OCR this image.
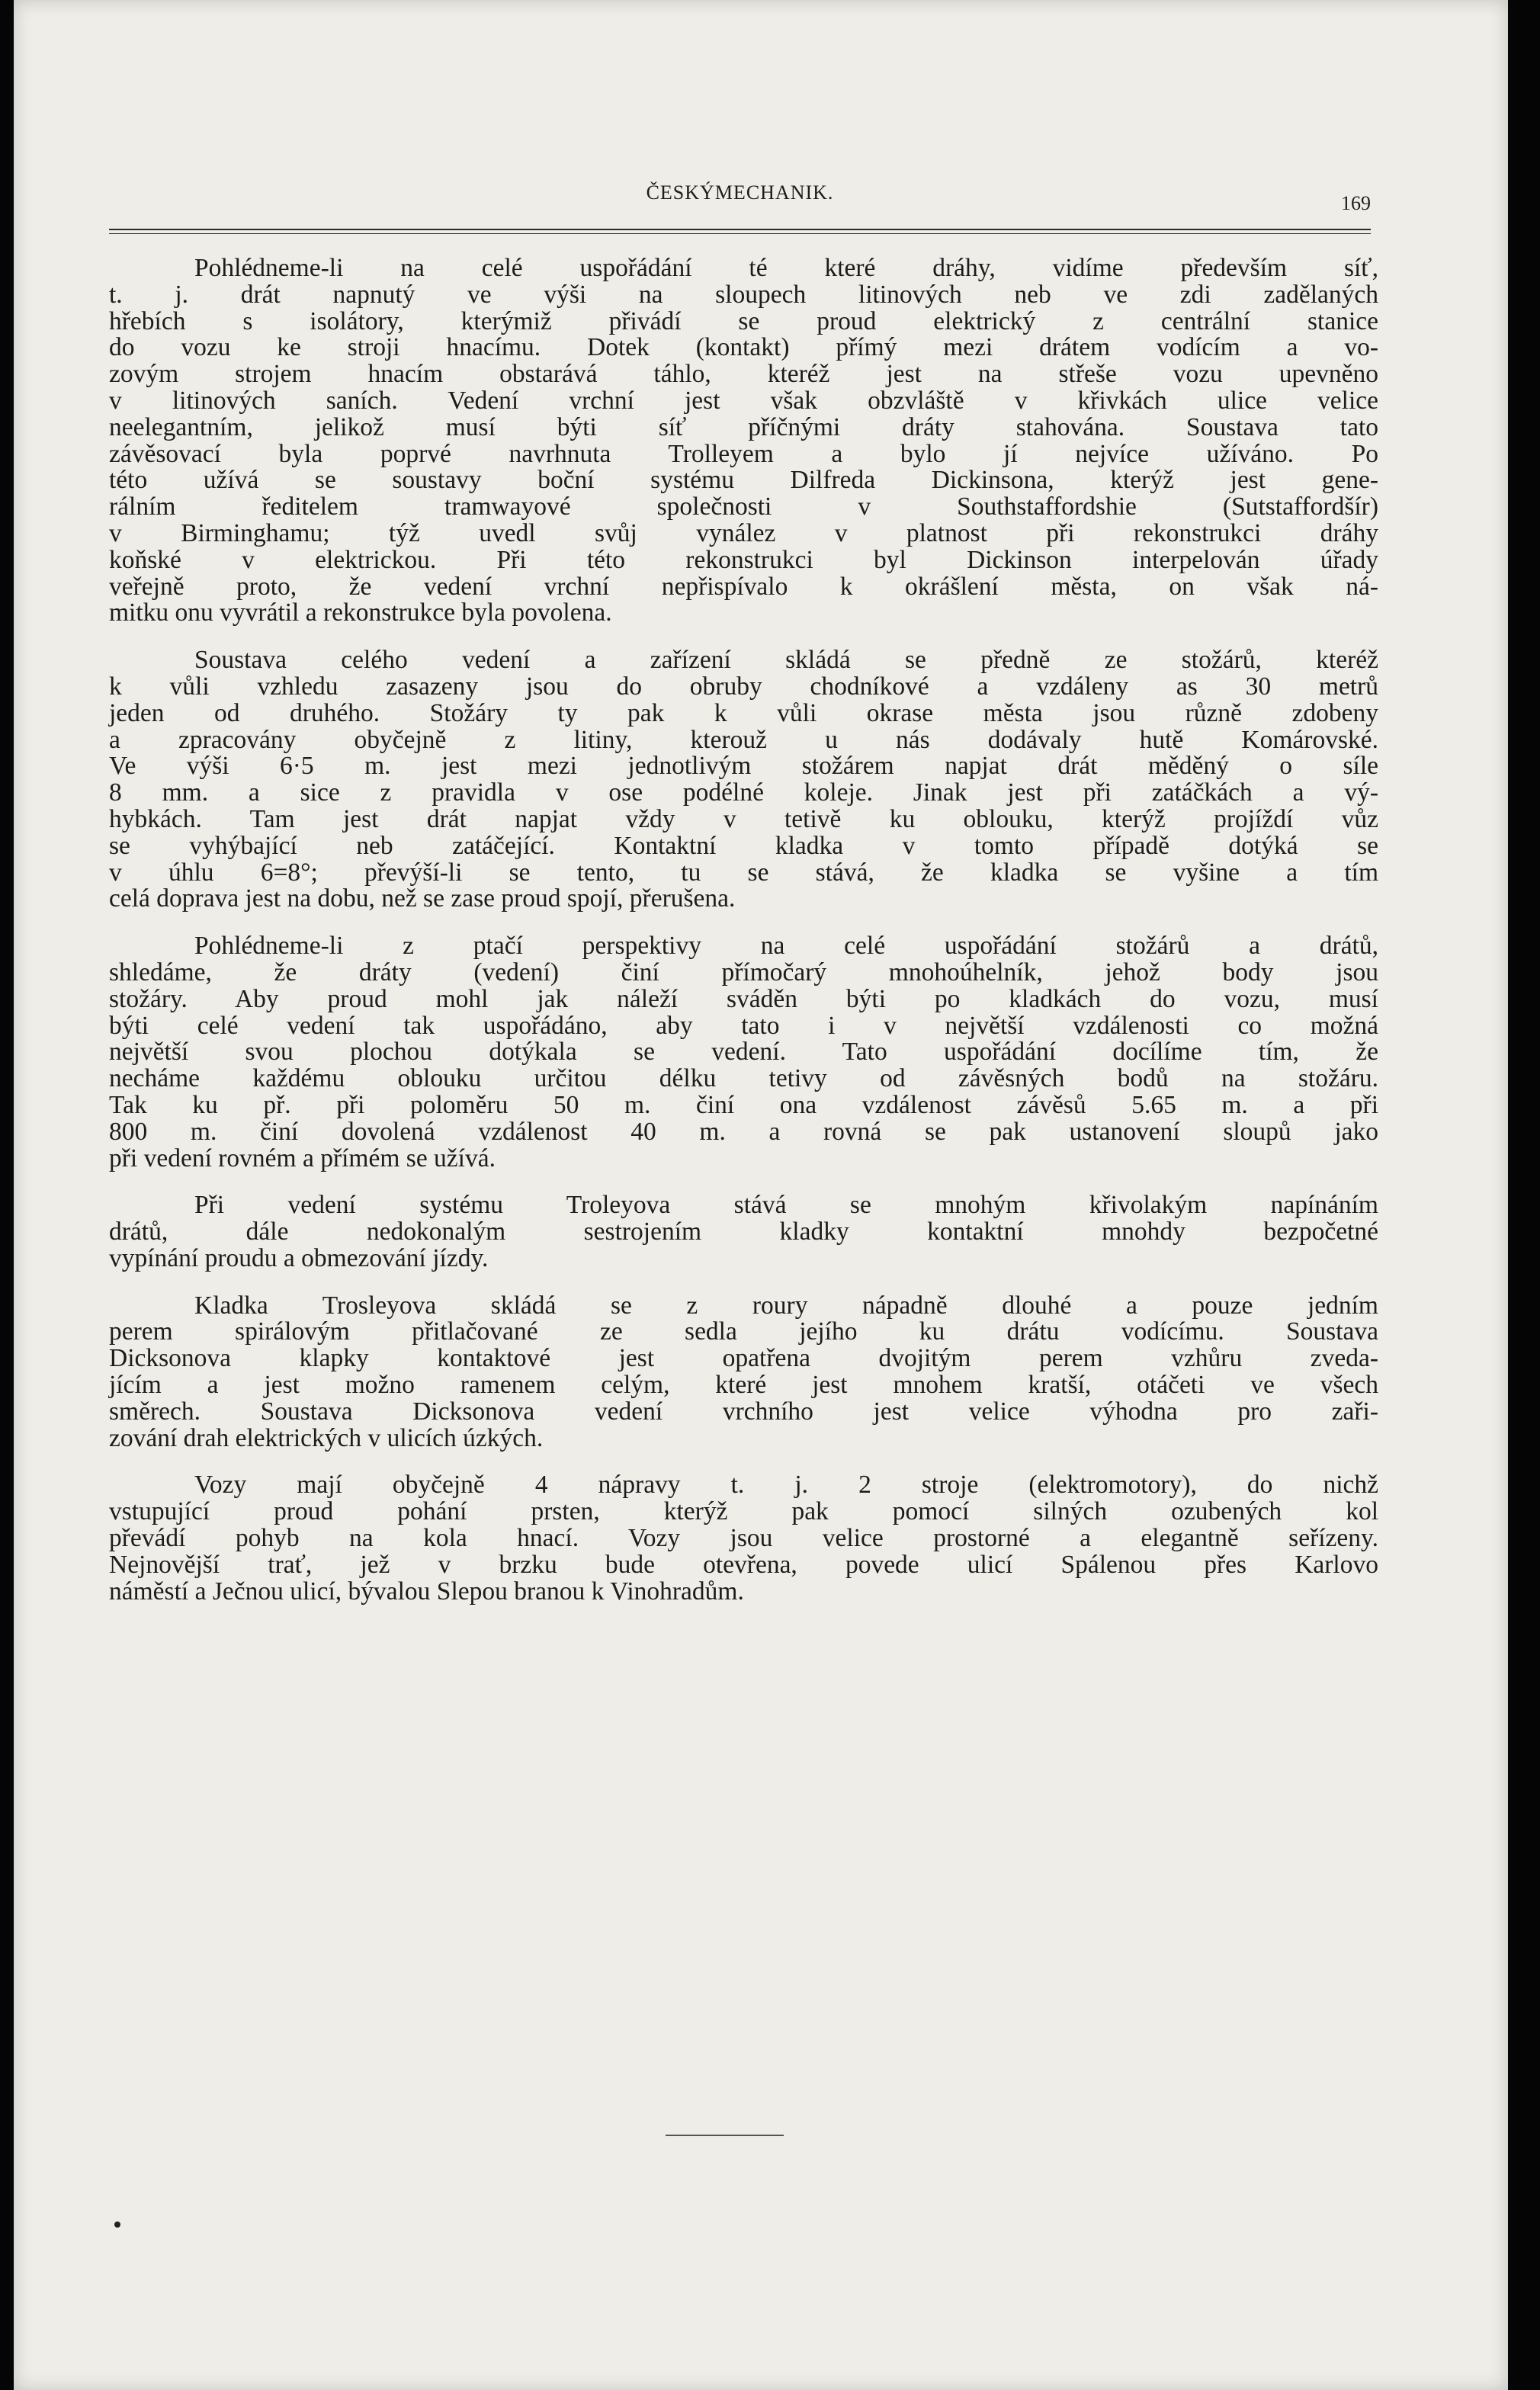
ČESKÝMECHANIK.	169

Pohlédneme-li na celé uspořádání té které dráhy, vidíme především síť,
t. j. drát napnutý ve výši na sloupech litinových neb ve zdi zadělaných
hřebích s isolátory, kterýmiž přivádí se proud elektrický z centrální stanice
do vozu ke stroji hnacímu. Dotek (kontakt) přímý mezi drátem vodícím a vo-
zovým strojem hnacím obstarává táhlo, kteréž jest na střeše vozu upevněno
v litinových saních. Vedení vrchní jest však obzvláště v křivkách ulice velice
neelegantním, jelikož musí býti síť příčnými dráty stahována. Soustava tato
závěsovací byla poprvé navrhnuta Trolleyem a bylo jí nejvíce užíváno. Po
této užívá se soustavy boční systému Dilfreda Dickinsona, kterýž jest gene-
rálním ředitelem tramwayové společnosti v Southstaffordshie (Sutstaffordšír)
v Birminghamu; týž uvedl svůj vynález v platnost při rekonstrukci dráhy
koňské v elektrickou. Při této rekonstrukci byl Dickinson interpelován úřady
veřejně proto, že vedení vrchní nepřispívalo k okrášlení města, on však ná-
mitku onu vyvrátil a rekonstrukce byla povolena.

Soustava celého vedení a zařízení skládá se předně ze stožárů, kteréž
k vůli vzhledu zasazeny jsou do obruby chodníkové a vzdáleny as 30 metrů
jeden od druhého. Stožáry ty pak k vůli okrase města jsou různě zdobeny
a zpracovány obyčejně z litiny, kterouž u nás dodávaly hutě Komárovské.
Ve výši 6·5 m. jest mezi jednotlivým stožárem napjat drát měděný o síle
8 mm. a sice z pravidla v ose podélné koleje. Jinak jest při zatáčkách a vý-
hybkách. Tam jest drát napjat vždy v tetivě ku oblouku, kterýž projíždí vůz
se vyhýbající neb zatáčející. Kontaktní kladka v tomto případě dotýká se
v úhlu 6=8°; převýší-li se tento, tu se stává, že kladka se vyšine a tím
celá doprava jest na dobu, než se zase proud spojí, přerušena.

Pohlédneme-li z ptačí perspektivy na celé uspořádání stožárů a drátů,
shledáme, že dráty (vedení) činí přímočarý mnohoúhelník, jehož body jsou
stožáry. Aby proud mohl jak náleží sváděn býti po kladkách do vozu, musí
býti celé vedení tak uspořádáno, aby tato i v největší vzdálenosti co možná
největší svou plochou dotýkala se vedení. Tato uspořádání docílíme tím, že
necháme každému oblouku určitou délku tetivy od závěsných bodů na stožáru.
Tak ku př. při poloměru 50 m. činí ona vzdálenost závěsů 5.65 m. a při
800 m. činí dovolená vzdálenost 40 m. a rovná se pak ustanovení sloupů jako
při vedení rovném a přímém se užívá.

Při vedení systému Troleyova stává se mnohým křivolakým napínáním
drátů, dále nedokonalým sestrojením kladky kontaktní mnohdy bezpočetné
vypínání proudu a obmezování jízdy.

Kladka Trosleyova skládá se z roury nápadně dlouhé a pouze jedním
perem spirálovým přitlačované ze sedla jejího ku drátu vodícímu. Soustava
Dicksonova klapky kontaktové jest opatřena dvojitým perem vzhůru zveda-
jícím a jest možno ramenem celým, které jest mnohem kratší, otáčeti ve všech
směrech. Soustava Dicksonova vedení vrchního jest velice výhodna pro zaři-
zování drah elektrických v ulicích úzkých.

Vozy mají obyčejně 4 nápravy t. j. 2 stroje (elektromotory), do nichž
vstupující proud pohání prsten, kterýž pak pomocí silných ozubených kol
převádí pohyb na kola hnací. Vozy jsou velice prostorné a elegantně seřízeny.
Nejnovější trať, jež v brzku bude otevřena, povede ulicí Spálenou přes Karlovo
náměstí a Ječnou ulicí, bývalou Slepou branou k Vinohradům.
